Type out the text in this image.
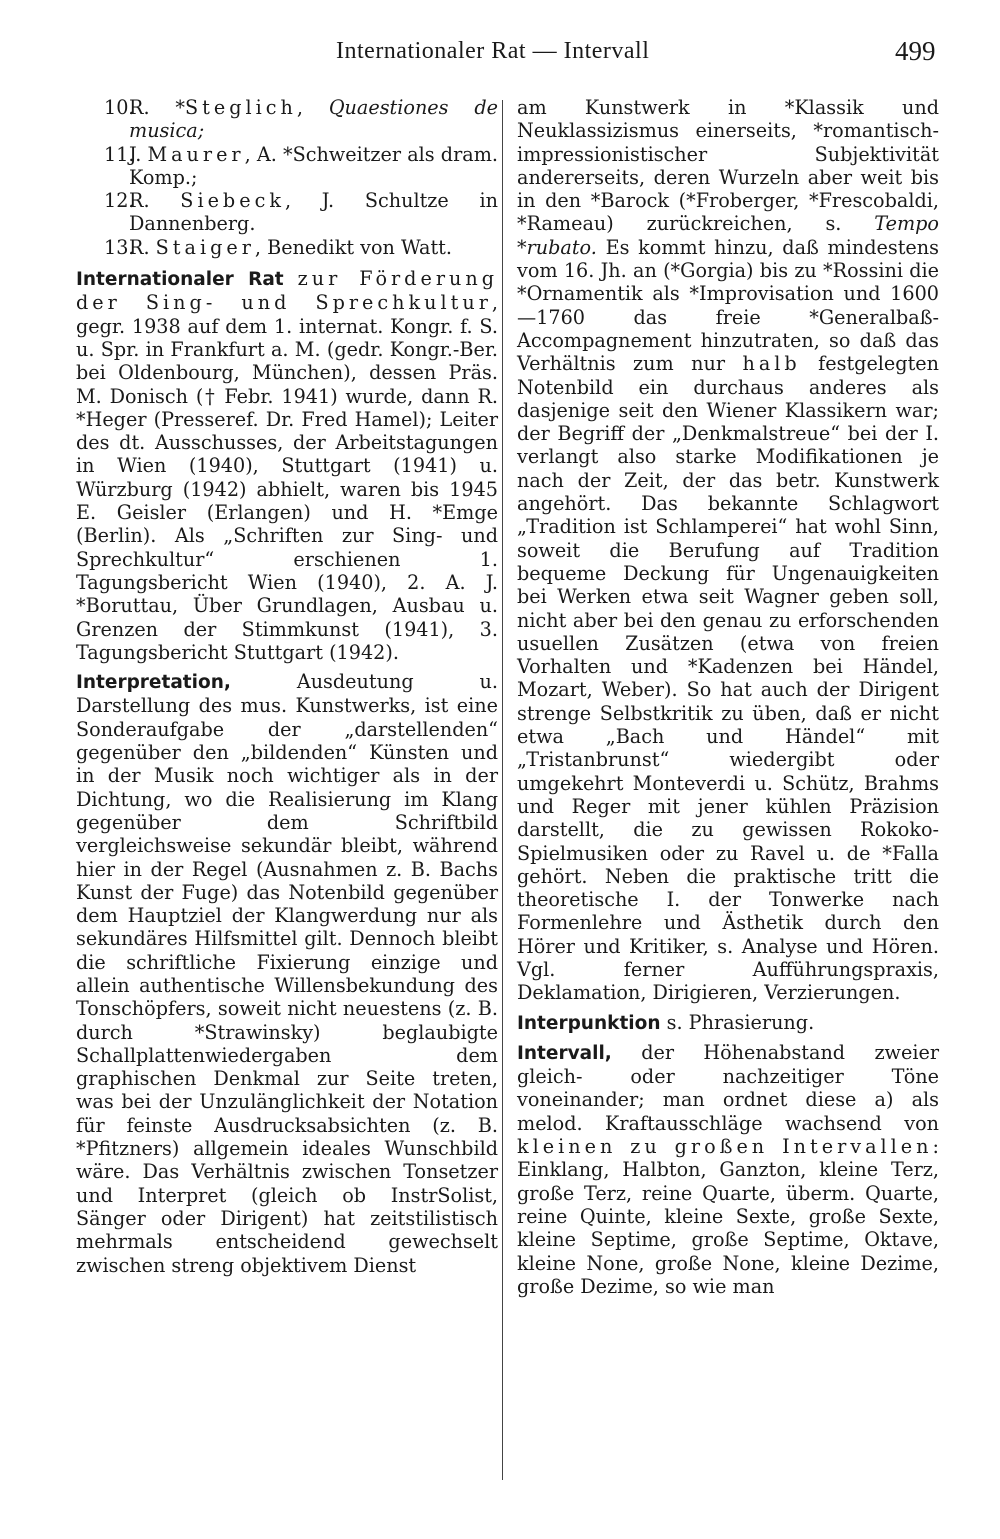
Internationaler Rat — Intervall	499
10.
R. *Steglich, Quaestiones de musica;
11.
J. Maurer, A. *Schweitzer als dram. Komp.;
12.
R. Siebeck, J. Schultze in Dannenberg.
13.
R. Staiger, Benedikt von Watt.

Internationaler Rat zur Förderung der Sing- und Sprechkultur, gegr. 1938 auf dem 1. internat. Kongr. f. S. u. Spr. in Frankfurt a. M. (gedr. Kongr.-Ber. bei Oldenbourg, München), dessen Präs. M. Donisch († Febr. 1941) wurde, dann R. *Heger (Presseref. Dr. Fred Hamel); Leiter des dt. Ausschusses, der Arbeitstagungen in Wien (1940), Stuttgart (1941) u. Würzburg (1942) abhielt, waren bis 1945 E. Geisler (Erlangen) und H. *Emge (Berlin). Als „Schriften zur Sing- und Sprechkultur“ erschienen 1. Tagungsbericht Wien (1940), 2. A. J. *Boruttau, Über Grundlagen, Ausbau u. Grenzen der Stimmkunst (1941), 3. Tagungsbericht Stuttgart (1942).

Interpretation, Ausdeutung u. Darstellung des mus. Kunstwerks, ist eine Sonderaufgabe der „darstellenden“ gegenüber den „bildenden“ Künsten und in der Musik noch wichtiger als in der Dichtung, wo die Realisierung im Klang gegenüber dem Schriftbild vergleichsweise sekundär bleibt, während hier in der Regel (Ausnahmen z. B. Bachs Kunst der Fuge) das Notenbild gegenüber dem Hauptziel der Klangwerdung nur als sekundäres Hilfsmittel gilt. Dennoch bleibt die schriftliche Fixierung einzige und allein authentische Willensbekundung des Tonschöpfers, soweit nicht neuestens (z. B. durch *Strawinsky) beglaubigte Schallplattenwiedergaben dem graphischen Denkmal zur Seite treten, was bei der Unzulänglichkeit der Notation für feinste Ausdrucksabsichten (z. B. *Pfitzners) allgemein ideales Wunschbild wäre. Das Verhältnis zwischen Tonsetzer und Interpret (gleich ob InstrSolist, Sänger oder Dirigent) hat zeitstilistisch mehrmals entscheidend gewechselt zwischen streng objektivem Dienst

am Kunstwerk in *Klassik und Neuklassizismus einerseits, *romantisch-impressionistischer Subjektivität andererseits, deren Wurzeln aber weit bis in den *Barock (*Froberger, *Frescobaldi, *Rameau) zurückreichen, s. Tempo *rubato. Es kommt hinzu, daß mindestens vom 16. Jh. an (*Gorgia) bis zu *Rossini die *Ornamentik als *Improvisation und 1600—1760 das freie *Generalbaß-Accompagnement hinzutraten, so daß das Verhältnis zum nur halb festgelegten Notenbild ein durchaus anderes als dasjenige seit den Wiener Klassikern war; der Begriff der „Denkmalstreue“ bei der I. verlangt also starke Modifikationen je nach der Zeit, der das betr. Kunstwerk angehört. Das bekannte Schlagwort „Tradition ist Schlamperei“ hat wohl Sinn, soweit die Berufung auf Tradition bequeme Deckung für Ungenauigkeiten bei Werken etwa seit Wagner geben soll, nicht aber bei den genau zu erforschenden usuellen Zusätzen (etwa von freien Vorhalten und *Kadenzen bei Händel, Mozart, Weber). So hat auch der Dirigent strenge Selbstkritik zu üben, daß er nicht etwa „Bach und Händel“ mit „Tristanbrunst“ wiedergibt oder umgekehrt Monteverdi u. Schütz, Brahms und Reger mit jener kühlen Präzision darstellt, die zu gewissen Rokoko-Spielmusiken oder zu Ravel u. de *Falla gehört. Neben die praktische tritt die theoretische I. der Tonwerke nach Formenlehre und Ästhetik durch den Hörer und Kritiker, s. Analyse und Hören. Vgl. ferner Aufführungspraxis, Deklamation, Dirigieren, Verzierungen.

Interpunktion s. Phrasierung.

Intervall, der Höhenabstand zweier gleich- oder nachzeitiger Töne voneinander; man ordnet diese a) als melod. Kraftausschläge wachsend von kleinen zu großen Intervallen: Einklang, Halbton, Ganzton, kleine Terz, große Terz, reine Quarte, überm. Quarte, reine Quinte, kleine Sexte, große Sexte, kleine Septime, große Septime, Oktave, kleine None, große None, kleine Dezime, große Dezime, so wie man
